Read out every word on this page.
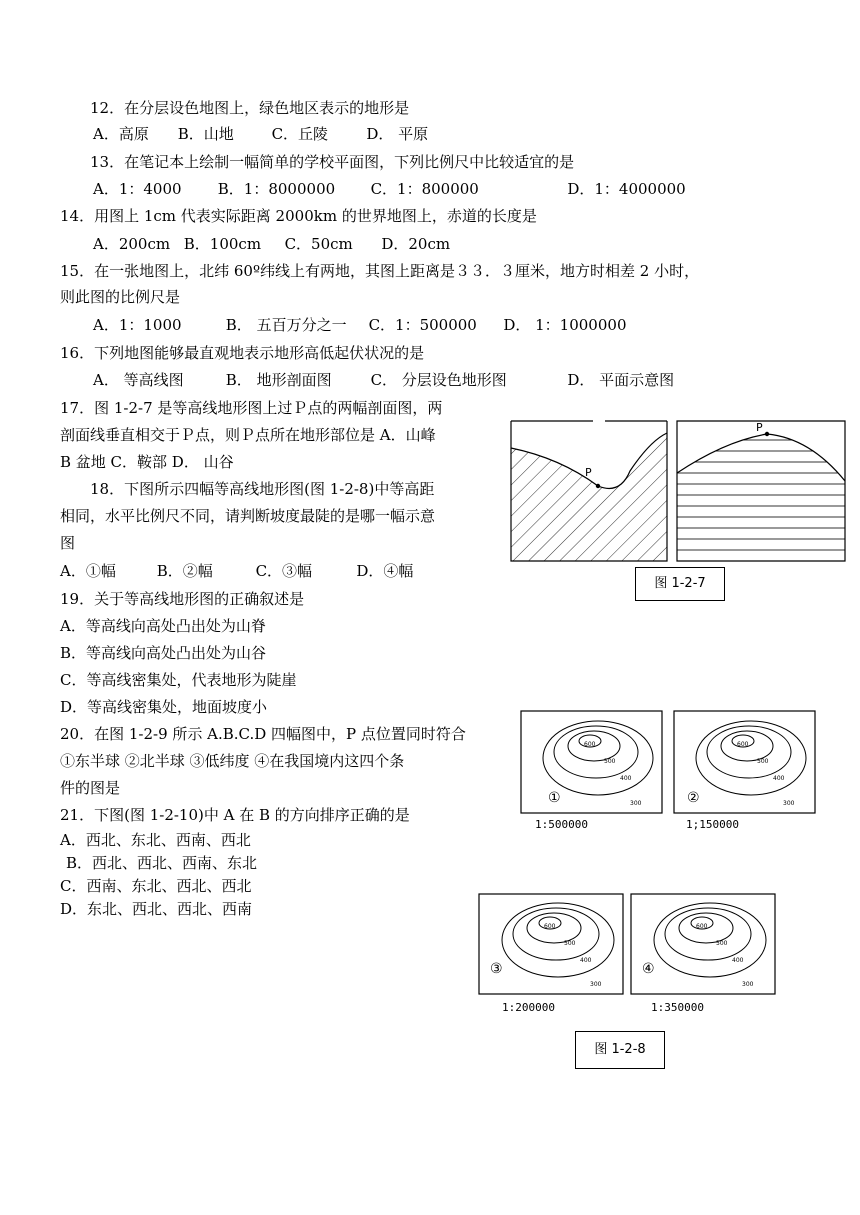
12．在分层设色地图上，绿色地区表示的地形是
A．高原 B．山地	C．丘陵	D． 平原
13．在笔记本上绘制一幅简单的学校平面图，下列比例尺中比较适宜的是
A．1：4000 B．1：8000000 C．1：800000	D．1：4000000
14．用图上 1cm 代表实际距离 2000km 的世界地图上，赤道的长度是
A．200cm B．100cm C．50cm D．20cm
15．在一张地图上，北纬 60º纬线上有两地，其图上距离是３３．３厘米，地方时相差 2 小时，
则此图的比例尺是
A．1：1000	B． 五百万分之一 C．1：500000 D． 1：1000000
16．下列地图能够最直观地表示地形高低起伏状况的是
A． 等高线图	B． 地形剖面图	C． 分层设色地形图	D． 平面示意图
17．图 1-2-7 是等高线地形图上过Ｐ点的两幅剖面图，两
剖面线垂直相交于Ｐ点，则Ｐ点所在地形部位是 A．山峰
B 盆地 C．鞍部 D． 山谷
18．下图所示四幅等高线地形图(图 1-2-8)中等高距
相同，水平比例尺不同，请判断坡度最陡的是哪一幅示意
图
A．①幅	B．②幅	C．③幅	D．④幅
19．关于等高线地形图的正确叙述是
A．等高线向高处凸出处为山脊
B．等高线向高处凸出处为山谷
C．等高线密集处，代表地形为陡崖
D．等高线密集处，地面坡度小
20．在图 1-2-9 所示 A.B.C.D 四幅图中，P 点位置同时符合
①东半球 ②北半球 ③低纬度 ④在我国境内这四个条
件的图是
21．下图(图 1-2-10)中 A 在 B 的方向排序正确的是
A．西北、东北、西南、西北
B．西北、西北、西南、东北
C．西南、东北、西北、西北
D．东北、西北、西北、西南
P
P
图 1-2-7
600
500
400
300
①
1:500000
600
500
400
300
②
1;150000
600
500
400
300
③
1:200000
600
500
400
300
④
1:350000
图 1-2-8
